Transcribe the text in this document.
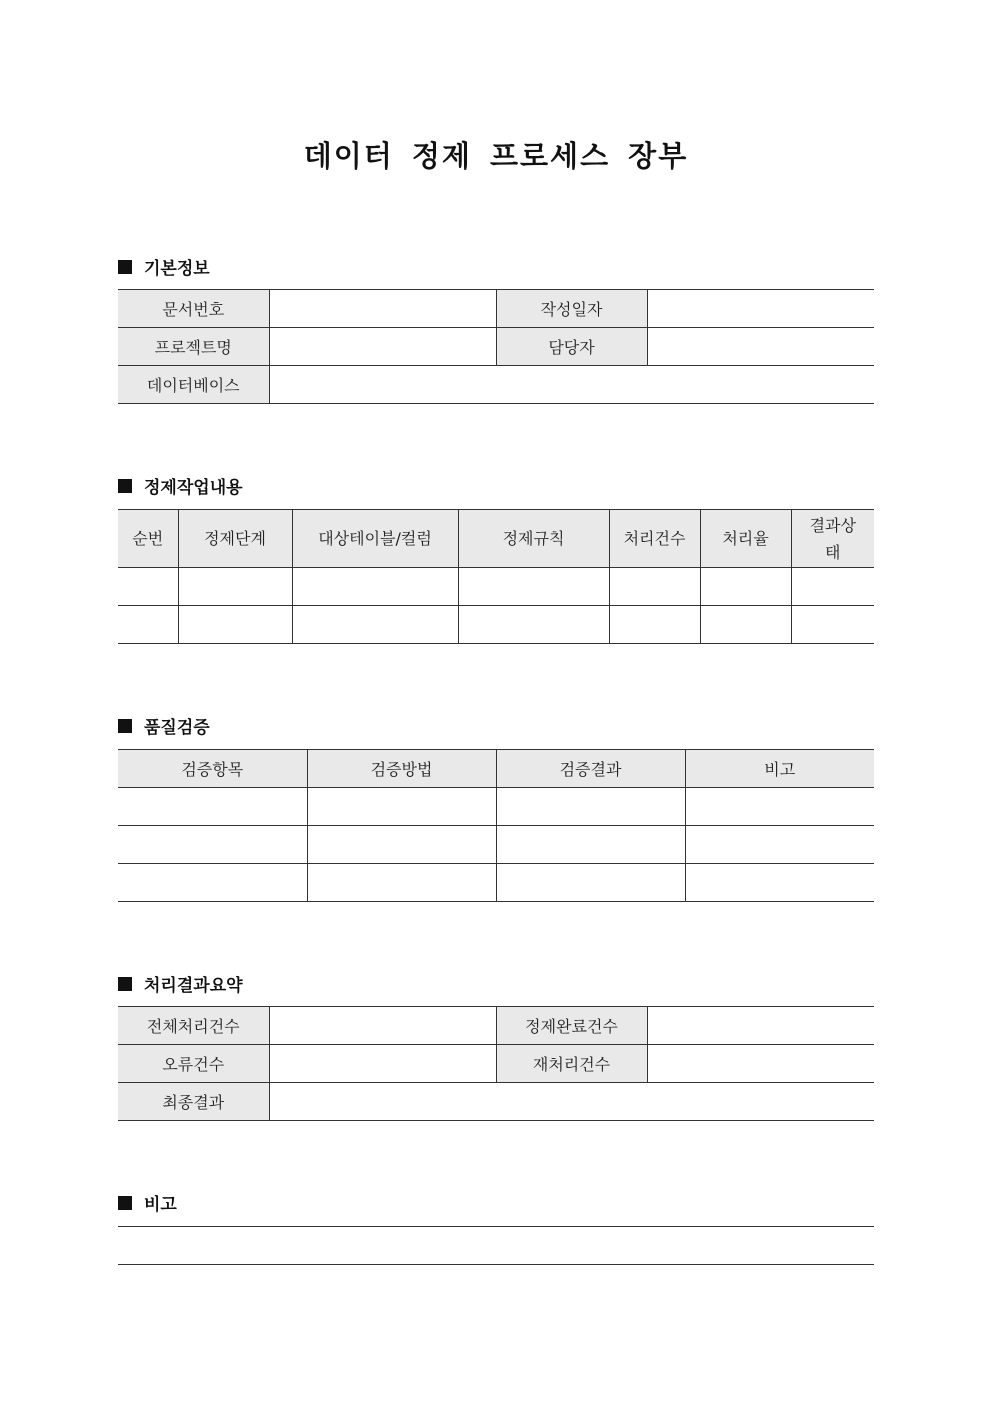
데이터 정제 프로세스 장부
기본정보
문서번호		작성일자	
프로젝트명		담당자	
데이터베이스			
정제작업내용
순번	정제단계	대상테이블/컬럼	정제규칙	처리건수	처리율	결과상태

품질검증
검증항목	검증방법	검증결과	비고

처리결과요약
전체처리건수		정제완료건수	
오류건수		재처리건수	
최종결과			
비고
